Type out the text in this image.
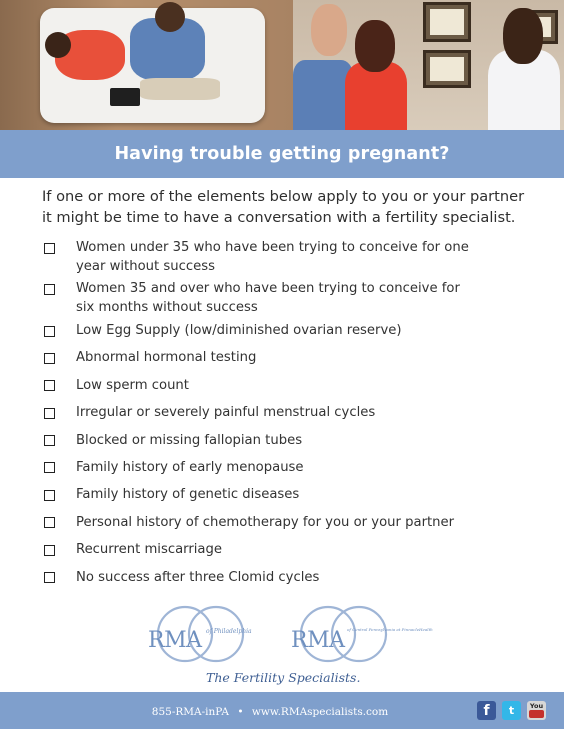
Having trouble getting pregnant?

If one or more of the elements below apply to you or your partner it might be time to have a conversation with a fertility specialist.

Women under 35 who have been trying to conceive for one year without success
Women 35 and over who have been trying to conceive for six months without success
Low Egg Supply (low/diminished ovarian reserve)
Abnormal hormonal testing
Low sperm count
Irregular or severely painful menstrual cycles
Blocked or missing fallopian tubes
Family history of early menopause
Family history of genetic diseases
Personal history of chemotherapy for you or your partner
Recurrent miscarriage
No success after three Clomid cycles
RMA of Philadelphia RMA of Central Pennsylvania at PinnacleHealth
The Fertility Specialists.
855-RMA-inPA • www.RMAspecialists.com	f t You
